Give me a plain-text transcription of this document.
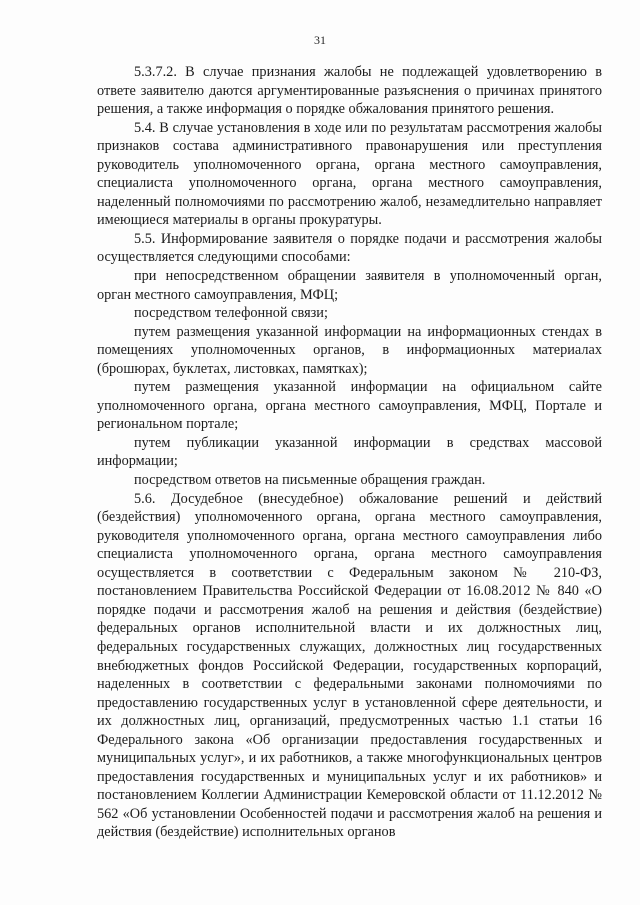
31

5.3.7.2. В случае признания жалобы не подлежащей удовлетворению в ответе заявителю даются аргументированные разъяснения о причинах принятого решения, а также информация о порядке обжалования принятого решения.

5.4. В случае установления в ходе или по результатам рассмотрения жалобы признаков состава административного правонарушения или преступления руководитель уполномоченного органа, органа местного самоуправления, специалиста уполномоченного органа, органа местного самоуправления, наделенный полномочиями по рассмотрению жалоб, незамедлительно направляет имеющиеся материалы в органы прокуратуры.

5.5. Информирование заявителя о порядке подачи и рассмотрения жалобы осуществляется следующими способами:

при непосредственном обращении заявителя в уполномоченный орган, орган местного самоуправления, МФЦ;

посредством телефонной связи;

путем размещения указанной информации на информационных стендах в помещениях уполномоченных органов, в информационных материалах (брошюрах, буклетах, листовках, памятках);

путем размещения указанной информации на официальном сайте уполномоченного органа, органа местного самоуправления, МФЦ, Портале и региональном портале;

путем публикации указанной информации в средствах массовой информации;

посредством ответов на письменные обращения граждан.

5.6. Досудебное (внесудебное) обжалование решений и действий (бездействия) уполномоченного органа, органа местного самоуправления, руководителя уполномоченного органа, органа местного самоуправления либо специалиста уполномоченного органа, органа местного самоуправления осуществляется в соответствии с Федеральным законом № 210-ФЗ, постановлением Правительства Российской Федерации от 16.08.2012 № 840 «О порядке подачи и рассмотрения жалоб на решения и действия (бездействие) федеральных органов исполнительной власти и их должностных лиц, федеральных государственных служащих, должностных лиц государственных внебюджетных фондов Российской Федерации, государственных корпораций, наделенных в соответствии с федеральными законами полномочиями по предоставлению государственных услуг в установленной сфере деятельности, и их должностных лиц, организаций, предусмотренных частью 1.1 статьи 16 Федерального закона «Об организации предоставления государственных и муниципальных услуг», и их работников, а также многофункциональных центров предоставления государственных и муниципальных услуг и их работников» и постановлением Коллегии Администрации Кемеровской области от 11.12.2012 № 562 «Об установлении Особенностей подачи и рассмотрения жалоб на решения и действия (бездействие) исполнительных органов
